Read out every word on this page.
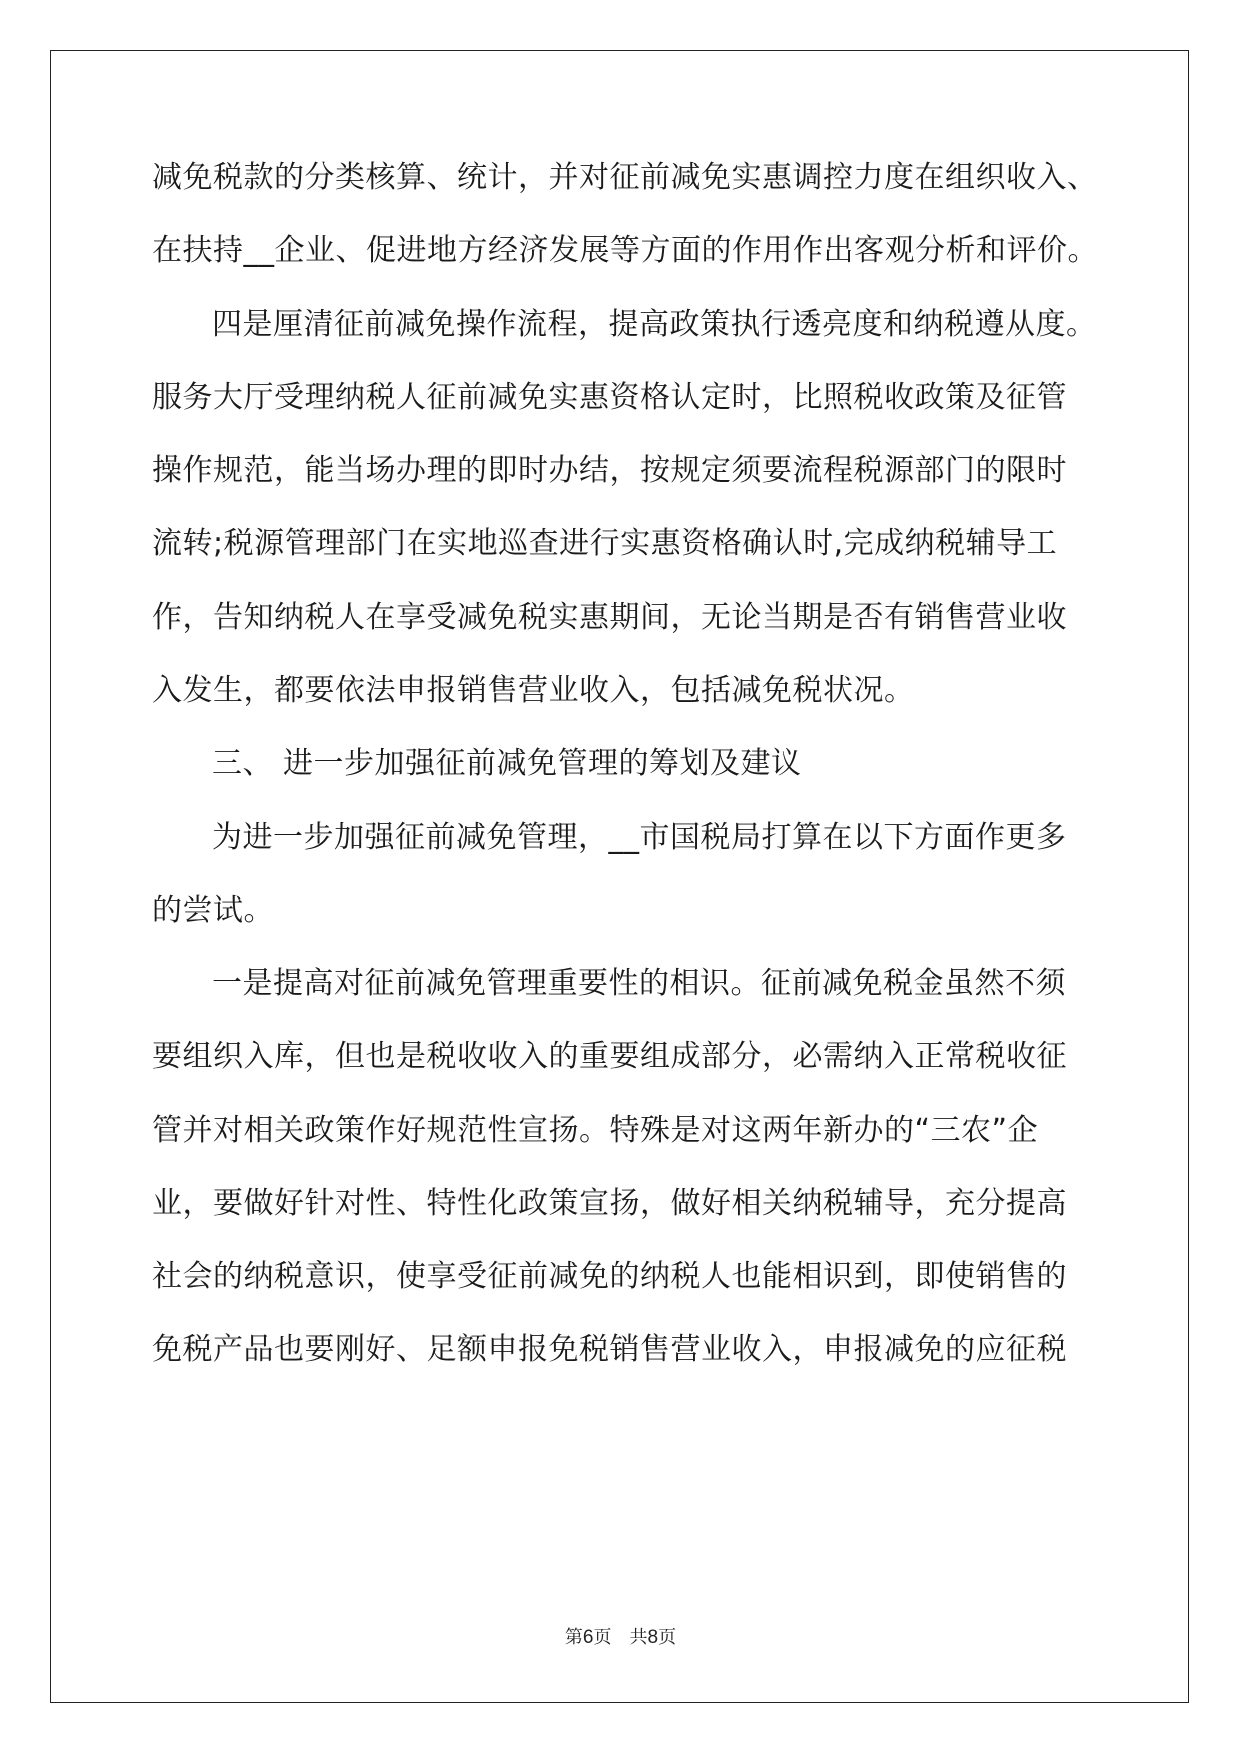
减免税款的分类核算、统计，并对征前减免实惠调控力度在组织收入、
在扶持__企业、促进地方经济发展等方面的作用作出客观分析和评价。
四是厘清征前减免操作流程，提高政策执行透亮度和纳税遵从度。
服务大厅受理纳税人征前减免实惠资格认定时，比照税收政策及征管
操作规范，能当场办理的即时办结，按规定须要流程税源部门的限时
流转;税源管理部门在实地巡查进行实惠资格确认时,完成纳税辅导工
作，告知纳税人在享受减免税实惠期间，无论当期是否有销售营业收
入发生，都要依法申报销售营业收入，包括减免税状况。
三、 进一步加强征前减免管理的筹划及建议
为进一步加强征前减免管理，__市国税局打算在以下方面作更多
的尝试。
一是提高对征前减免管理重要性的相识。征前减免税金虽然不须
要组织入库，但也是税收收入的重要组成部分，必需纳入正常税收征
管并对相关政策作好规范性宣扬。特殊是对这两年新办的“三农”企
业，要做好针对性、特性化政策宣扬，做好相关纳税辅导，充分提高
社会的纳税意识，使享受征前减免的纳税人也能相识到，即使销售的
免税产品也要刚好、足额申报免税销售营业收入，申报减免的应征税
第6页　共8页
